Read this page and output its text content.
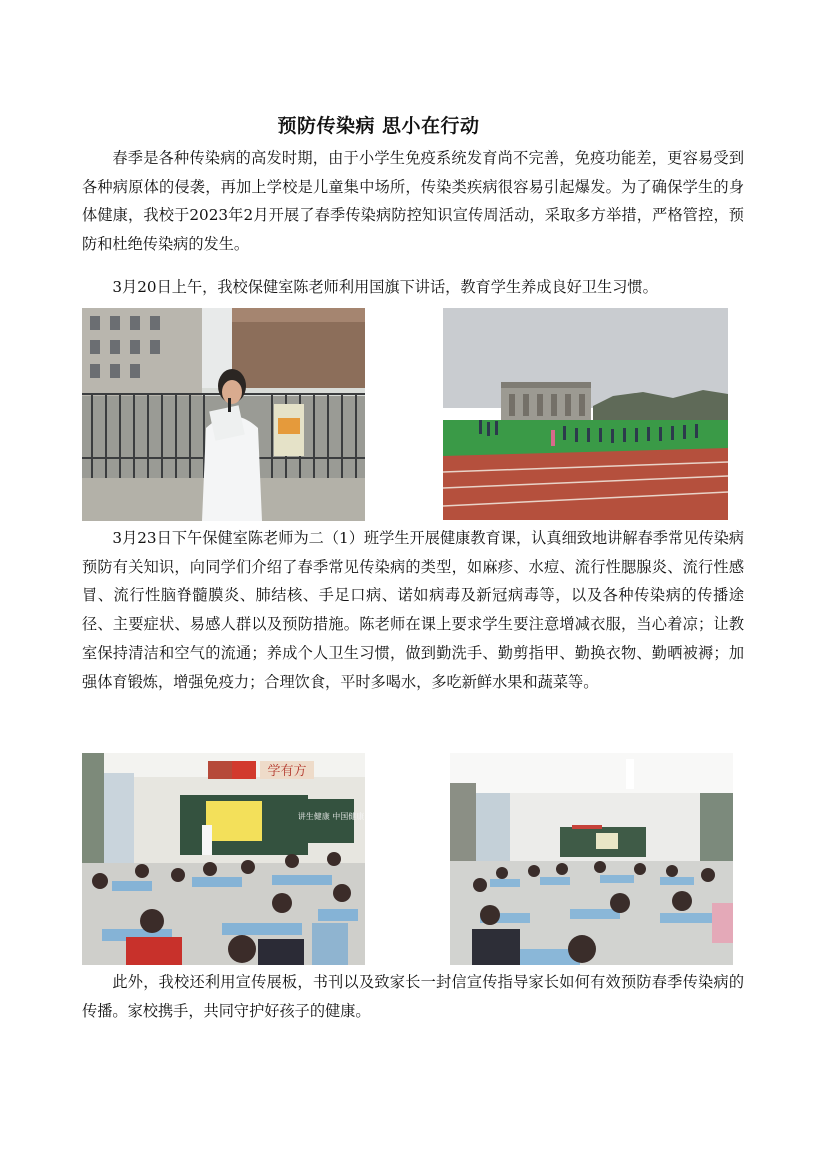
预防传染病 思小在行动

春季是各种传染病的高发时期，由于小学生免疫系统发育尚不完善，免疫功能差，更容易受到各种病原体的侵袭，再加上学校是儿童集中场所，传染类疾病很容易引起爆发。为了确保学生的身体健康，我校于2023年2月开展了春季传染病防控知识宣传周活动，采取多方举措，严格管控，预防和杜绝传染病的发生。

3月20日上午，我校保健室陈老师利用国旗下讲话，教育学生养成良好卫生习惯。

3月23日下午保健室陈老师为二（1）班学生开展健康教育课，认真细致地讲解春季常见传染病预防有关知识，向同学们介绍了春季常见传染病的类型，如麻疹、水痘、流行性腮腺炎、流行性感冒、流行性脑脊髓膜炎、肺结核、手足口病、诺如病毒及新冠病毒等，以及各种传染病的传播途径、主要症状、易感人群以及预防措施。陈老师在课上要求学生要注意增减衣服，当心着凉；让教室保持清洁和空气的流通；养成个人卫生习惯，做到勤洗手、勤剪指甲、勤换衣物、勤晒被褥；加强体育锻炼，增强免疫力；合理饮食，平时多喝水，多吃新鲜水果和蔬菜等。

学有方
讲生健康 中国健康

此外，我校还利用宣传展板，书刊以及致家长一封信宣传指导家长如何有效预防春季传染病的传播。家校携手，共同守护好孩子的健康。
